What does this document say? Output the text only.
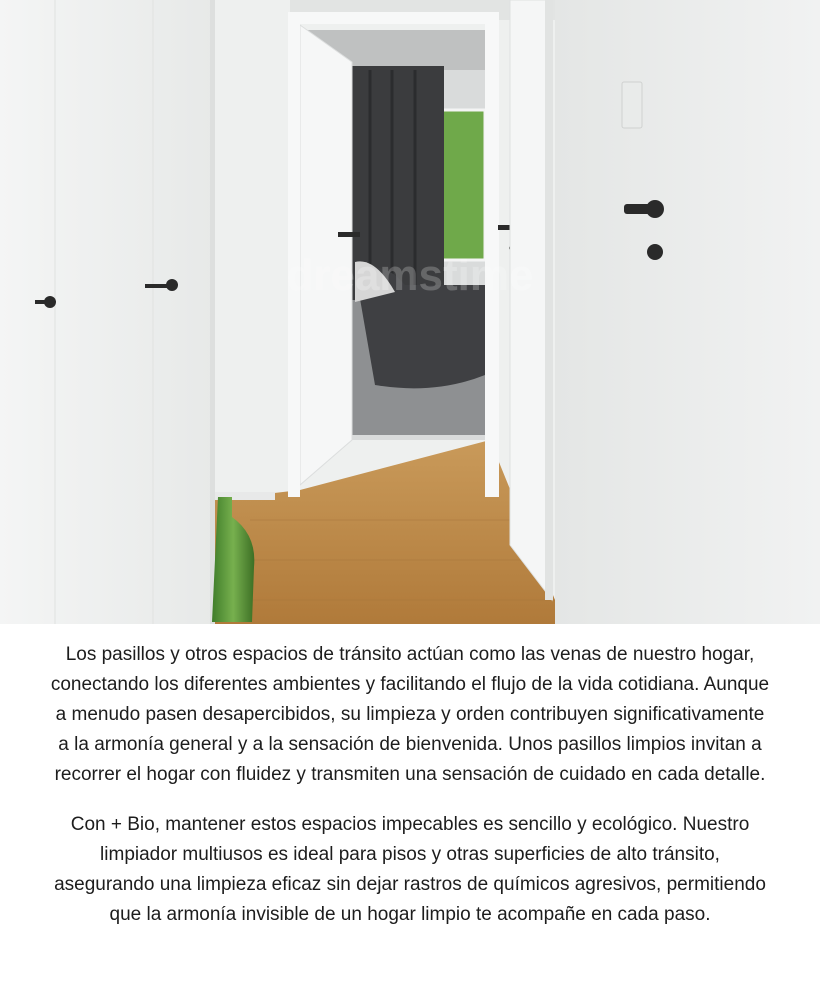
dreamstime

Los pasillos y otros espacios de tránsito actúan como las venas de nuestro hogar, conectando los diferentes ambientes y facilitando el flujo de la vida cotidiana. Aunque a menudo pasen desapercibidos, su limpieza y orden contribuyen significativamente a la armonía general y a la sensación de bienvenida. Unos pasillos limpios invitan a recorrer el hogar con fluidez y transmiten una sensación de cuidado en cada detalle.

Con + Bio, mantener estos espacios impecables es sencillo y ecológico. Nuestro limpiador multiusos es ideal para pisos y otras superficies de alto tránsito, asegurando una limpieza eficaz sin dejar rastros de químicos agresivos, permitiendo que la armonía invisible de un hogar limpio te acompañe en cada paso.
